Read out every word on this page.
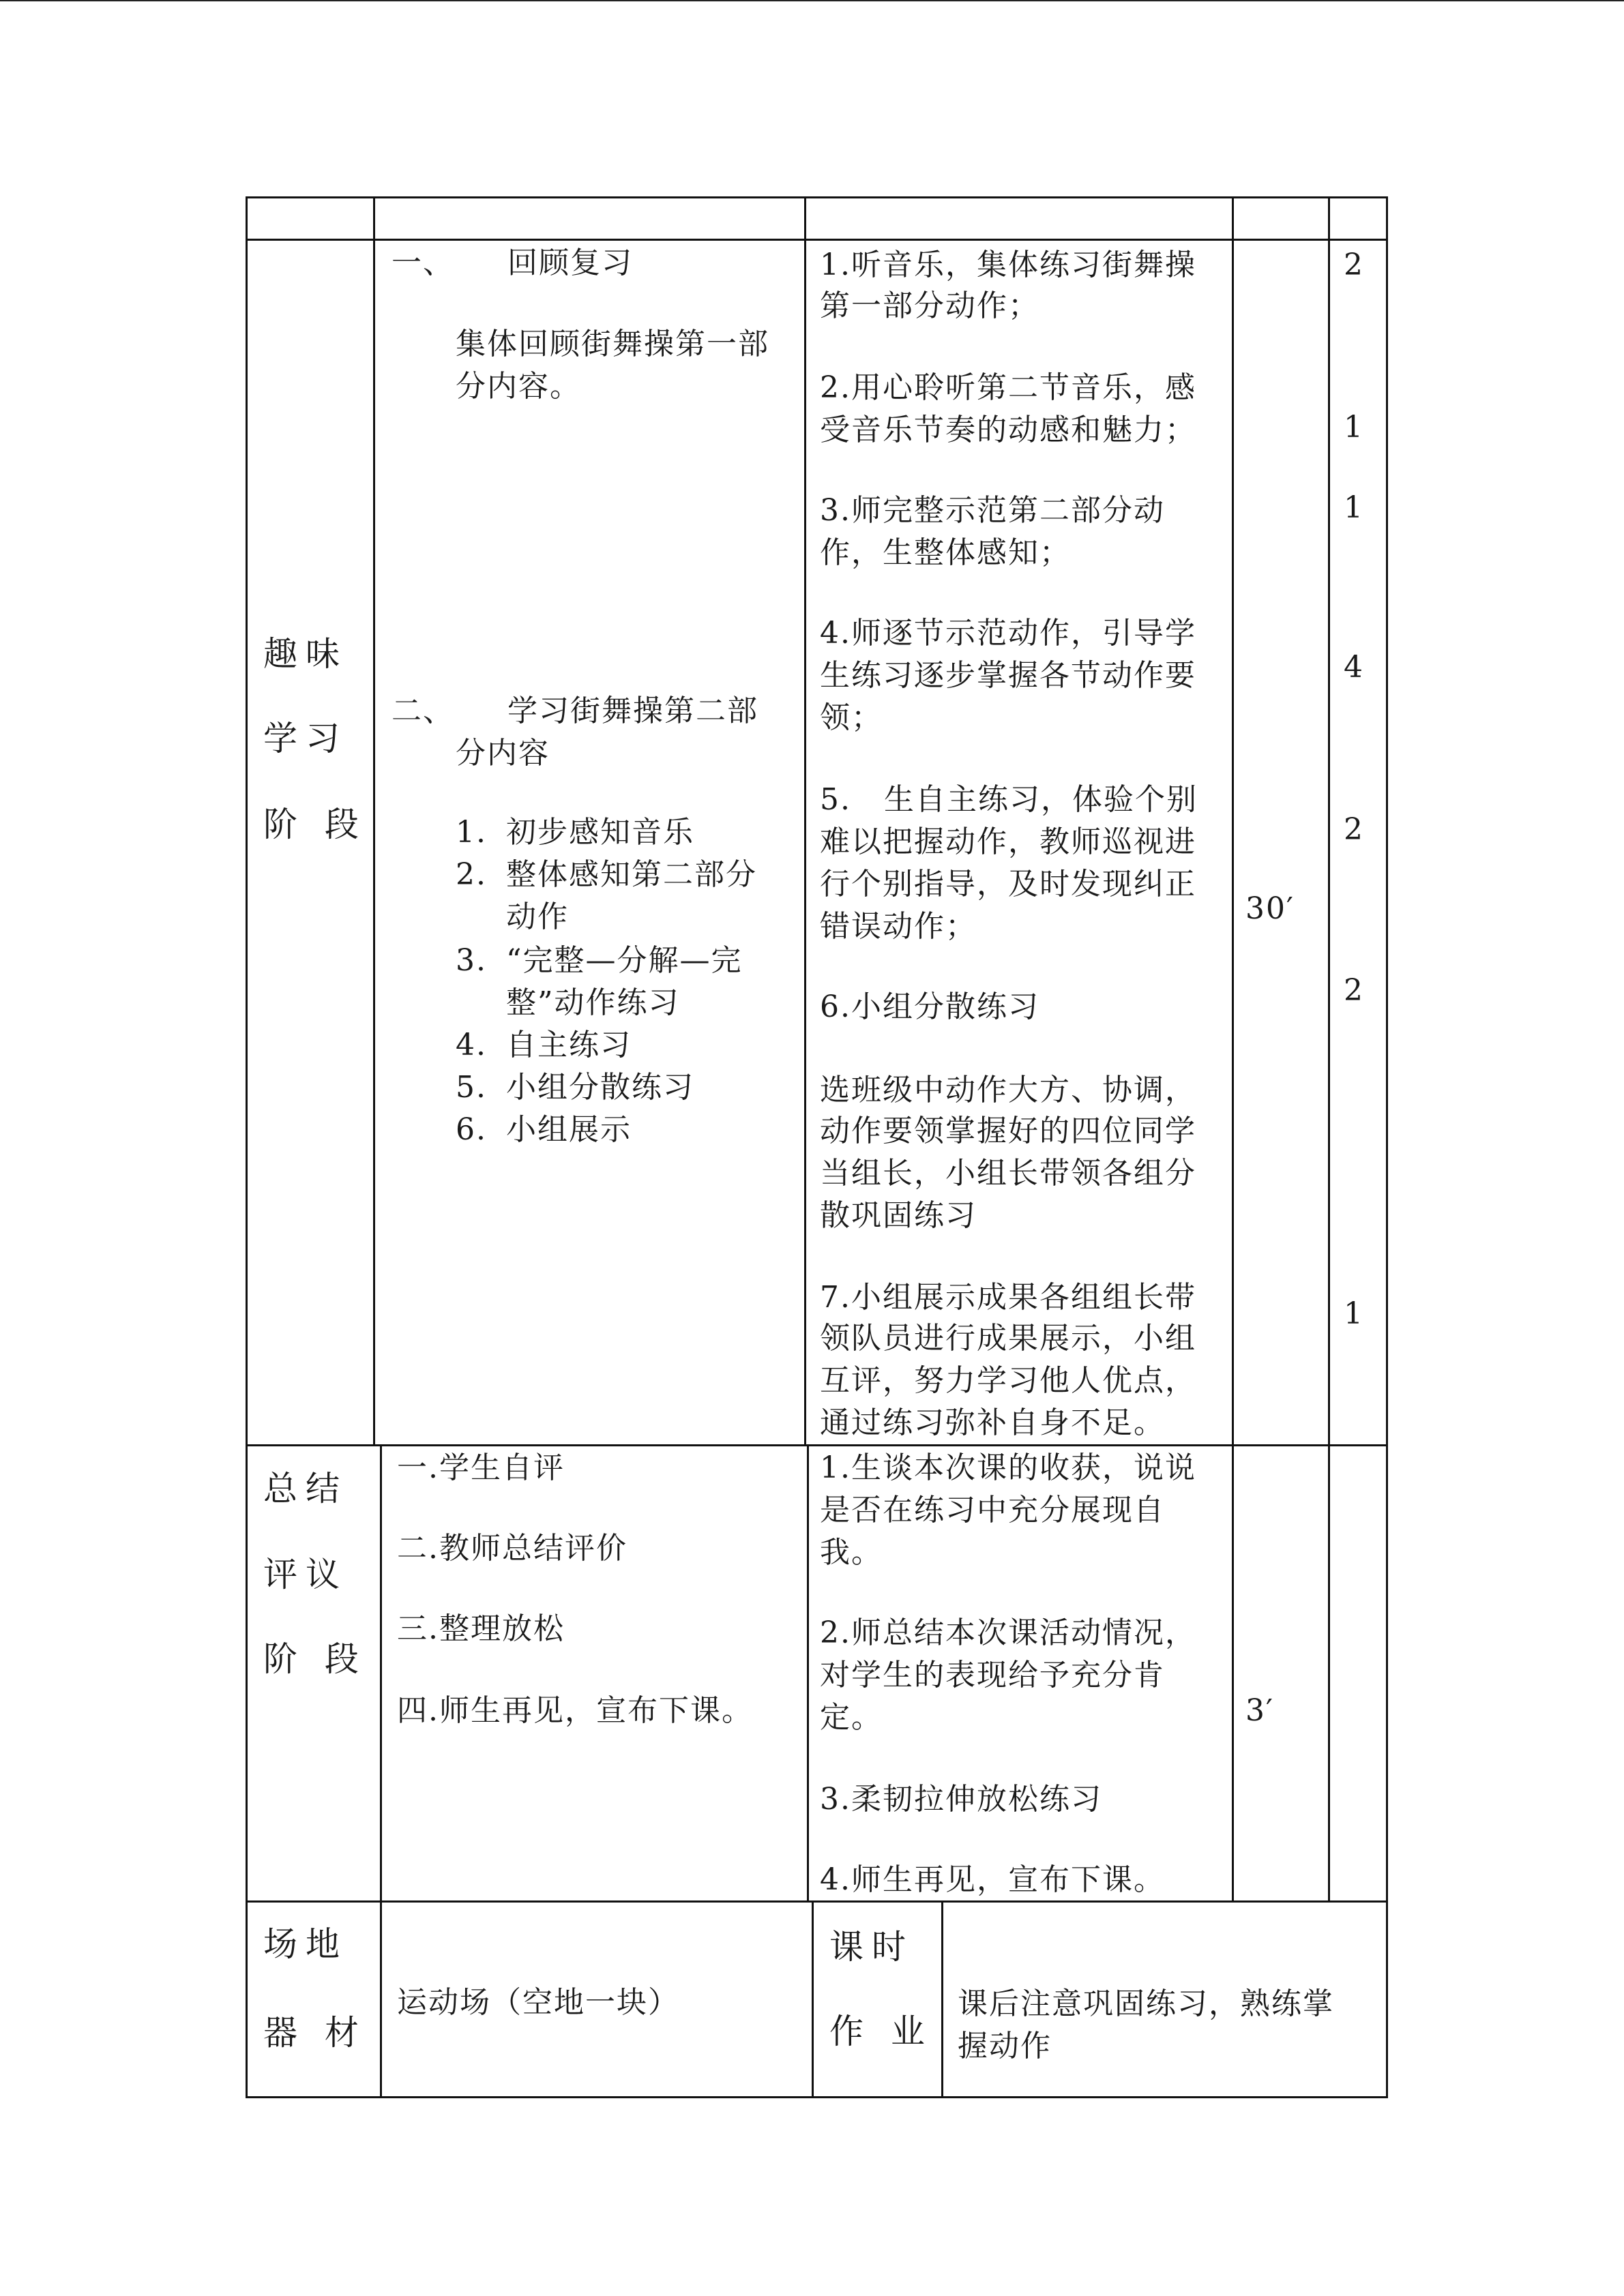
趣味
学习
阶 段
一、 回顾复习
集体回顾街舞操第一部
分内容。
二、 学习街舞操第二部
分内容
1. 初步感知音乐
2. 整体感知第二部分
动作
3. “完整—分解—完
整”动作练习
4. 自主练习
5. 小组分散练习
6. 小组展示
1.听音乐，集体练习街舞操
第一部分动作；
2.用心聆听第二节音乐，感
受音乐节奏的动感和魅力；
3.师完整示范第二部分动
作，生整体感知；
4.师逐节示范动作，引导学
生练习逐步掌握各节动作要
领；
5.   生自主练习，体验个别
难以把握动作，教师巡视进
行个别指导，及时发现纠正
错误动作；
6.小组分散练习
选班级中动作大方、协调，
动作要领掌握好的四位同学
当组长，小组长带领各组分
散巩固练习
7.小组展示成果各组组长带
领队员进行成果展示，小组
互评，努力学习他人优点，
通过练习弥补自身不足。
30′
2
1
1
4
2
2
1
总结
评议
阶 段
一.学生自评
二.教师总结评价
三.整理放松
四.师生再见，宣布下课。
1.生谈本次课的收获，说说
是否在练习中充分展现自
我。
2.师总结本次课活动情况，
对学生的表现给予充分肯
定。
3.柔韧拉伸放松练习
4.师生再见，宣布下课。
3′
场地
器 材
运动场（空地一块）
课时
作 业
课后注意巩固练习，熟练掌
握动作
